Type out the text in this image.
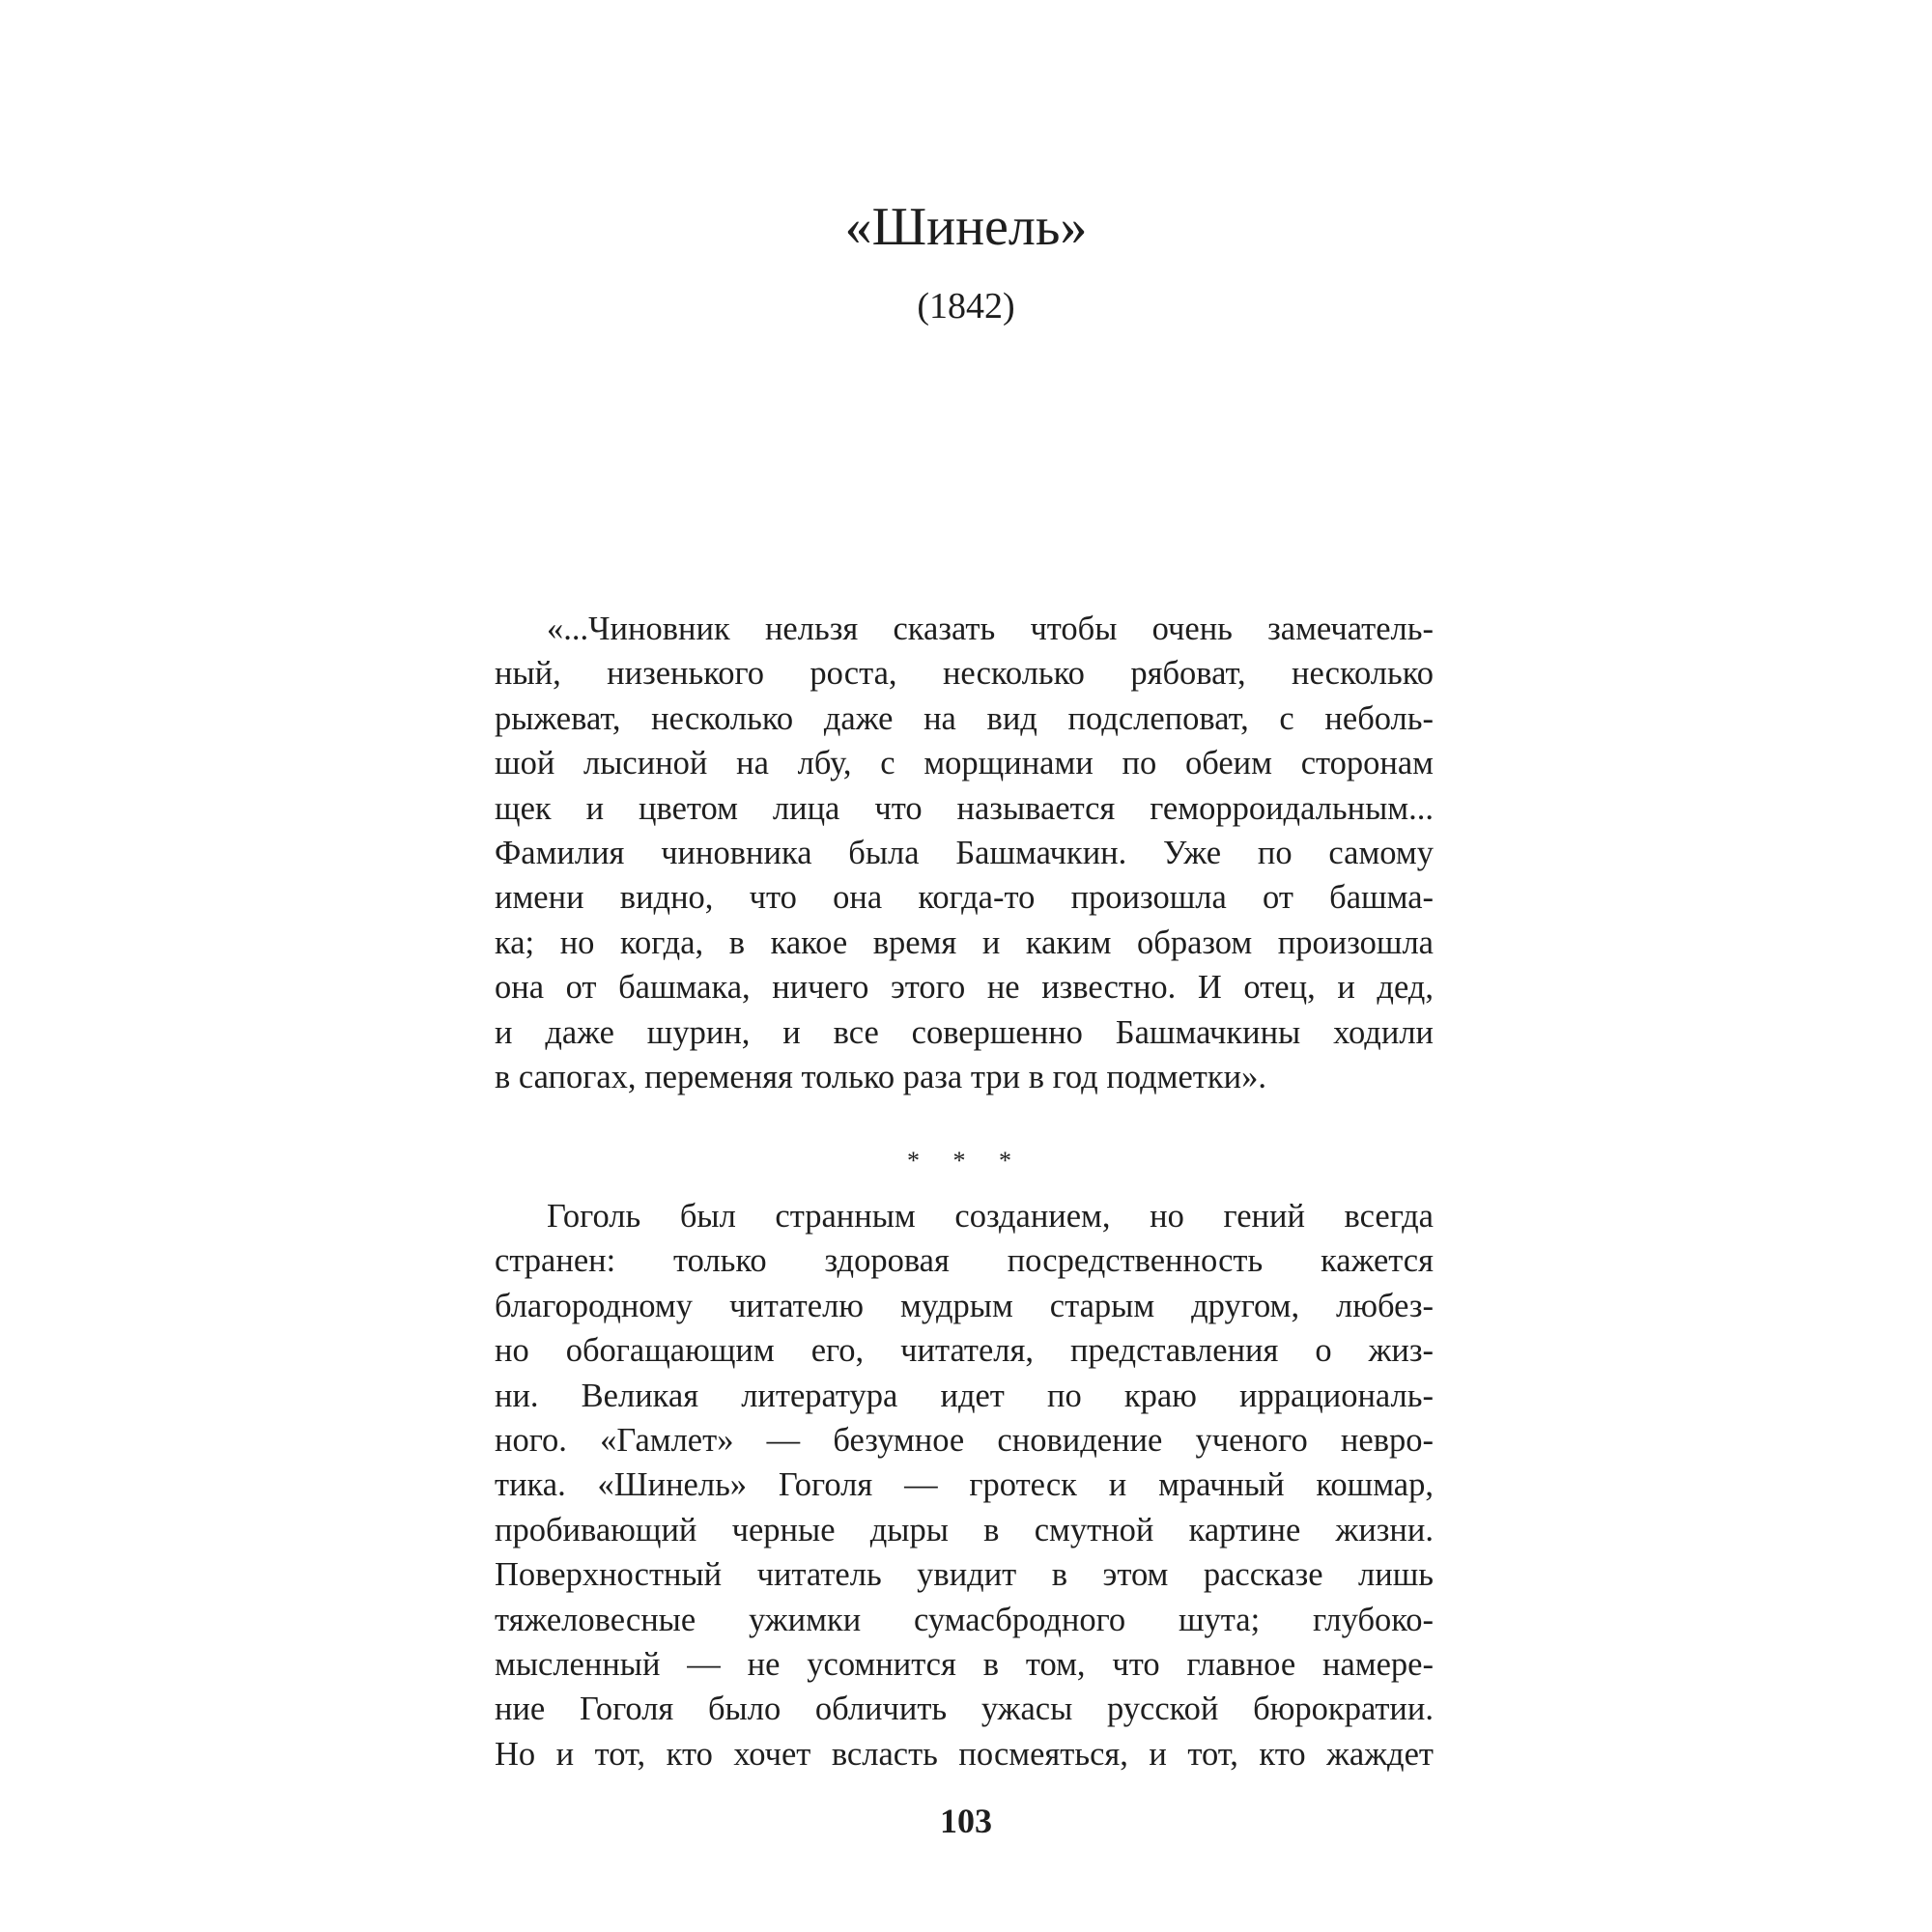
«Шинель»
(1842)
«...Чиновник нельзя сказать чтобы очень замечатель-
ный, низенького роста, несколько рябоват, несколько
рыжеват, несколько даже на вид подслеповат, с неболь-
шой лысиной на лбу, с морщинами по обеим сторонам
щек и цветом лица что называется геморроидальным...
Фамилия чиновника была Башмачкин. Уже по самому
имени видно, что она когда-то произошла от башма-
ка; но когда, в какое время и каким образом произошла
она от башмака, ничего этого не известно. И отец, и дед,
и даже шурин, и все совершенно Башмачкины ходили
в сапогах, переменяя только раза три в год подметки».
* * *
Гоголь был странным созданием, но гений всегда
странен: только здоровая посредственность кажется
благородному читателю мудрым старым другом, любез-
но обогащающим его, читателя, представления о жиз-
ни. Великая литература идет по краю иррациональ-
ного. «Гамлет» — безумное сновидение ученого невро-
тика. «Шинель» Гоголя — гротеск и мрачный кошмар,
пробивающий черные дыры в смутной картине жизни.
Поверхностный читатель увидит в этом рассказе лишь
тяжеловесные ужимки сумасбродного шута; глубоко-
мысленный — не усомнится в том, что главное намере-
ние Гоголя было обличить ужасы русской бюрократии.
Но и тот, кто хочет всласть посмеяться, и тот, кто жаждет
103
